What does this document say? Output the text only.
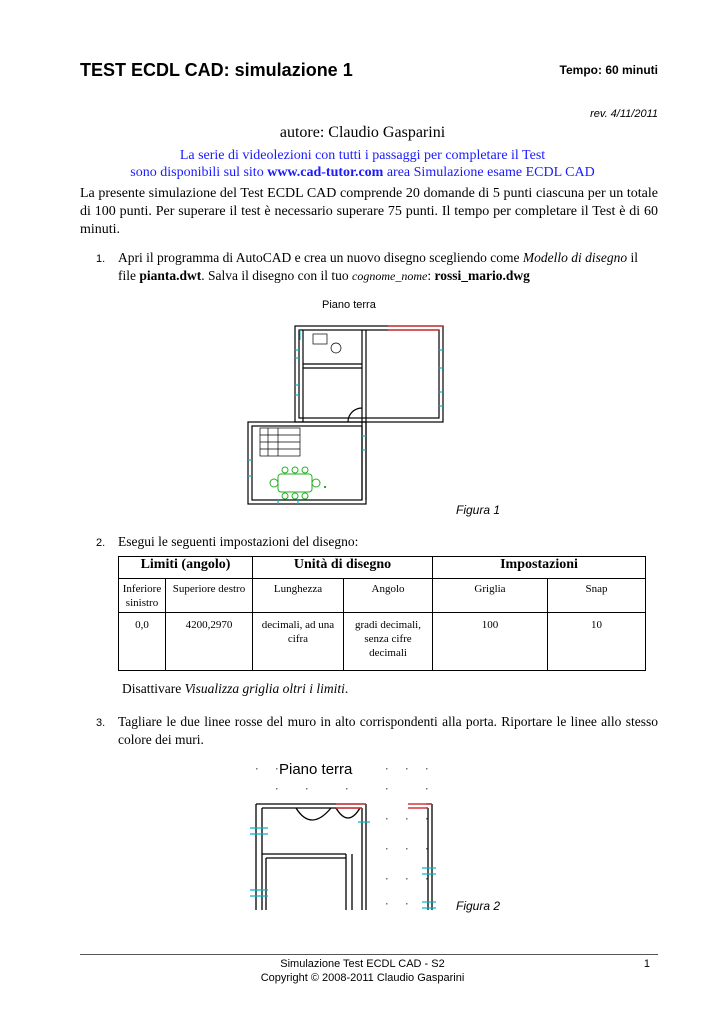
TEST ECDL CAD: simulazione 1	Tempo: 60 minuti
rev. 4/11/2011
autore: Claudio Gasparini
La serie di videolezioni con tutti i passaggi per completare il Test
sono disponibili sul sito www.cad-tutor.com area Simulazione esame ECDL CAD
La presente simulazione del Test ECDL CAD comprende 20 domande di 5 punti ciascuna per un totale di 100 punti. Per superare il test è necessario superare 75 punti. Il tempo per completare il Test è di 60 minuti.
1. Apri il programma di AutoCAD e crea un nuovo disegno scegliendo come Modello di disegno il
file pianta.dwt. Salva il disegno con il tuo cognome_nome: rossi_mario.dwg
Piano terra
Figura 1
2. Esegui le seguenti impostazioni del disegno:
Limiti (angolo)		Unità di disegno		Impostazioni	
Inferiore sinistro	Superiore destro	Lunghezza	Angolo	Griglia	Snap
0,0	4200,2970	decimali, ad una cifra	gradi decimali, senza cifre decimali	100	10
Disattivare Visualizza griglia oltri i limiti.
3. Tagliare le due linee rosse del muro in alto corrispondenti alla porta. Riportare le linee allo stesso colore dei muri.
Piano terra
Figura 2
Simulazione Test ECDL CAD - S2
Copyright © 2008-2011 Claudio Gasparini
1
